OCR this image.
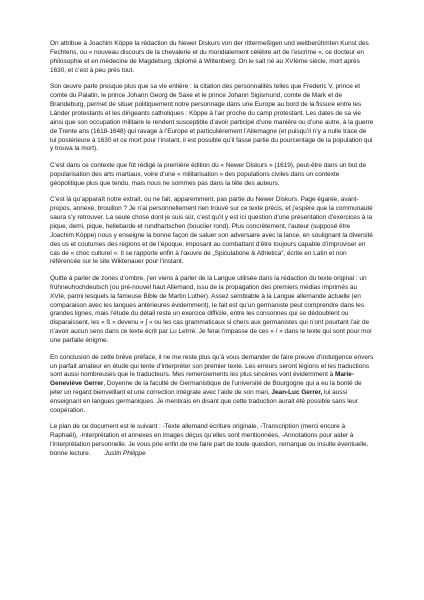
On attribue à Joachim Köppe la rédaction du Newer Diskurs von der rittermeßigen und weitberühmten Kunst des Fechtens, ou « nouveau discours de la chevalerie et du mondialement célèbre art de l’escrime », ce docteur en philosophie et en médecine de Magdeburg, diplomé à Wittenberg. On le sait né au XVIème siècle, mort après 1630, et c’est à peu près tout.

Son œuvre parle presque plus que sa vie entière : la citation des personnalités telles que Frederic V, prince et comte du Palatin, le prince Johann Georg de Saxe et le prince Johann Sigismund, comte de Mark et de Brandeburg, permet de situer politiquement notre personnage dans une Europe au bord de la fissure entre les Länder protestants et les dirigeants catholiques : Köppe à l’air proche du camp protestant. Les dates de sa vie ainsi que son occupation militaire le rendent susceptible d’avoir participé d’une manière ou d’une autre, à la guerre de Trente ans (1618-1648) qui ravage à l’Europe et particulièrement l’Allemagne (et puisqu’il n’y a nulle trace de lui postérieure à 1630 et ce mort pour l’instant, il est possible qu’il fasse partie du pourcentage de la population qui y trouva la mort).

C’est dans ce contexte que fût rédigé la première édition du « Newer Diskurs » (1619), peut-être dans un but de popularisation des arts martiaux, voire d’une « militarisation » des populations civiles dans un contexte géopolitique plus que tendu, mais nous ne sommes pas dans la tête des auteurs.

C’est là qu’apparaît notre extrait, ou ne fait, apparemment, pas partie du Newer Diskurs. Page égarée, avant-propos, annexe, brouillon ? Je n’ai personnellement rien trouvé sur ce texte précis, et j’espère que la communauté saura s’y retrouver. La seule chose dont je suis sûr, c’est qu’il y est ici question d’une présentation d’exercices à la pique, demi, pique, hellebarde et rundhartschen (bouclier rond). Plus concrètement, l’auteur (supposé être Joachim Köppe) nous y enseigne la bonne façon de saluer son adversaire avec la lance, en soulignant la diversité des us et coutumes des régions et de l’époque, imposant au combattant d’être toujours capable d’improviser en cas de « choc culturel ». Il se rapporte enfin à l’œuvre de „Spiculatione & Athletica“, écrite en Latin et non référencée sur le site Wiktenauer pour l’instant.

Quitte à parler de zones d’ombre, j’en viens à parler de la Langue utilisée dans la rédaction du texte original : un frühneuhochdeutsch (ou pré-nouvel haut Allemand, issu de la propagation des premiers médias imprimés au XVIè, parmi lesquels la fameuse Bible de Martin Luther). Assez semblable à la Langue allemande actuelle (en comparaison avec les langues antérieures évidemment), le fait est qu’un germaniste peut comprendre dans les grandes lignes, mais l’étude du détail reste un exercice difficile, entre les consonnes qui se dédoublent ou disparaissent, les « ß » devenu « ∫ » ou les cas grammaticaux si chers aux germanistes qui n’ont pourtant l’air de n’avoir aucun sens dans ce texte écrit par Lu Letrré. Je ferai l’impasse de ces « / » dans le texte qui sont pour moi une parfaite énigme.

En conclusion de cette brève préface, il ne me reste plus qu’à vous demander de faire preuve d’indulgence envers un parfait amateur en étude qui tente d’interpréter son premier texte. Les erreurs seront légions et les traductions sont aussi nombreuses que le traducteurs. Mes remerciements les plus sincères vont évidemment à Marie-Geneviève Gerrer, Doyenne de la faculté de Germanistique de l’université de Bourgogne qui a eu la bonté de jeter un regard bienveillant et une correction intégrale avec l’aide de son mari, Jean-Luc Gerrer, lui aussi enseignant en langues germaniques. Je mentirais en disant que cette traduction aurait été possible sans leur coopération.

Le plan de ce document est le suivant : -Texte allemand écriture originale, -Transcription (merci encore à Raphaël), -Interprétation et annexes en images déçus qu’elles sont mentionnées, -Annotations pour aider à l’interprétation personnelle. Je vous prie enfin de me faire part de toute question, remarque ou insulte éventuelle, bonne lecture. Justin Philippe
